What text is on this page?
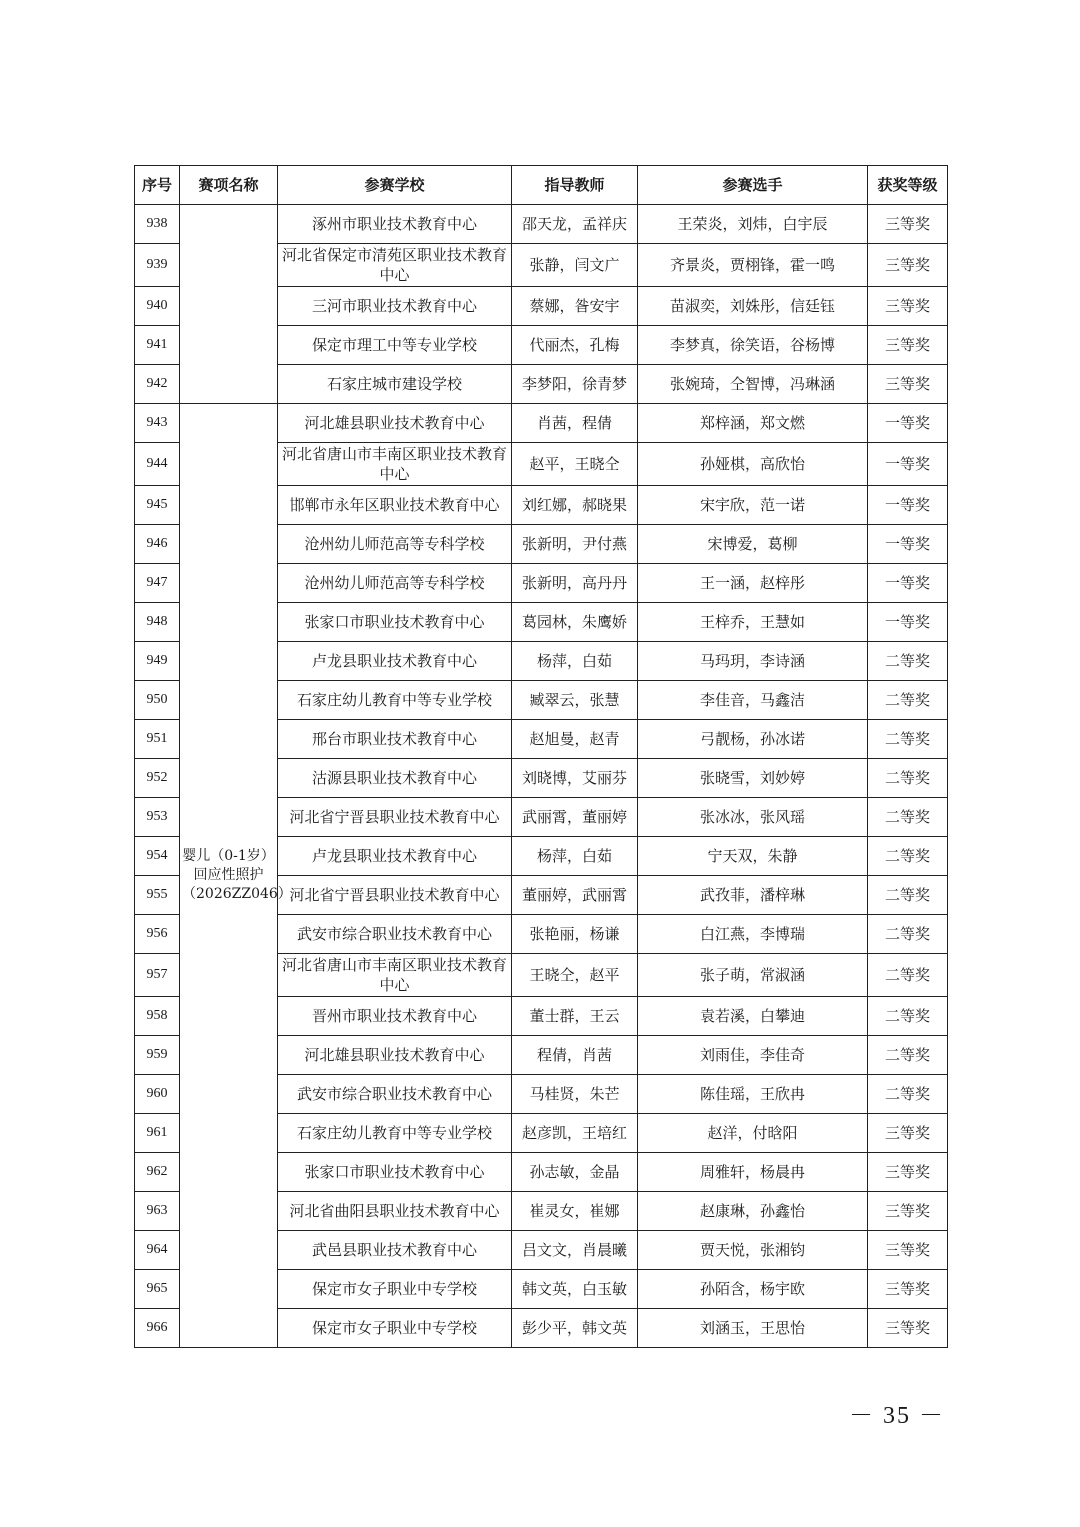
序号	赛项名称	参赛学校	指导教师	参赛选手	获奖等级
938		涿州市职业技术教育中心	邵天龙，孟祥庆	王荣炎，刘炜，白宇辰	三等奖
939		河北省保定市清苑区职业技术教育中心	张静，闫文广	齐景炎，贾栩锋，霍一鸣	三等奖
940		三河市职业技术教育中心	蔡娜，昝安宇	苗淑奕，刘姝彤，信廷钰	三等奖
941		保定市理工中等专业学校	代丽杰，孔梅	李梦真，徐笑语，谷杨博	三等奖
942		石家庄城市建设学校	李梦阳，徐青梦	张婉琦，仝智博，冯琳涵	三等奖
943	婴儿（0-1岁）回应性照护（2026ZZ046）	河北雄县职业技术教育中心	肖茜，程倩	郑梓涵，郑文燃	一等奖
944		河北省唐山市丰南区职业技术教育中心	赵平，王晓仝	孙娅棋，高欣怡	一等奖
945		邯郸市永年区职业技术教育中心	刘红娜，郝晓果	宋宇欣，范一诺	一等奖
946		沧州幼儿师范高等专科学校	张新明，尹付燕	宋博爱，葛柳	一等奖
947		沧州幼儿师范高等专科学校	张新明，高丹丹	王一涵，赵梓彤	一等奖
948		张家口市职业技术教育中心	葛园林，朱鹰娇	王梓乔，王慧如	一等奖
949		卢龙县职业技术教育中心	杨萍，白茹	马玛玥，李诗涵	二等奖
950		石家庄幼儿教育中等专业学校	臧翠云，张慧	李佳音，马鑫洁	二等奖
951		邢台市职业技术教育中心	赵旭曼，赵青	弓靓杨，孙冰诺	二等奖
952		沽源县职业技术教育中心	刘晓博，艾丽芬	张晓雪，刘妙婷	二等奖
953		河北省宁晋县职业技术教育中心	武丽霄，董丽婷	张冰冰，张风瑶	二等奖
954		卢龙县职业技术教育中心	杨萍，白茹	宁天双，朱静	二等奖
955		河北省宁晋县职业技术教育中心	董丽婷，武丽霄	武孜菲，潘梓琳	二等奖
956		武安市综合职业技术教育中心	张艳丽，杨谦	白江燕，李博瑞	二等奖
957		河北省唐山市丰南区职业技术教育中心	王晓仝，赵平	张子萌，常淑涵	二等奖
958		晋州市职业技术教育中心	董士群，王云	袁若溪，白攀迪	二等奖
959		河北雄县职业技术教育中心	程倩，肖茜	刘雨佳，李佳奇	二等奖
960		武安市综合职业技术教育中心	马桂贤，朱芒	陈佳瑶，王欣冉	二等奖
961		石家庄幼儿教育中等专业学校	赵彦凯，王培红	赵洋，付晗阳	三等奖
962		张家口市职业技术教育中心	孙志敏，金晶	周雅轩，杨晨冉	三等奖
963		河北省曲阳县职业技术教育中心	崔灵女，崔娜	赵康琳，孙鑫怡	三等奖
964		武邑县职业技术教育中心	吕文文，肖晨曦	贾天悦，张湘钧	三等奖
965		保定市女子职业中专学校	韩文英，白玉敏	孙陌含，杨宇欧	三等奖
966		保定市女子职业中专学校	彭少平，韩文英	刘涵玉，王思怡	三等奖
－ 35 －
